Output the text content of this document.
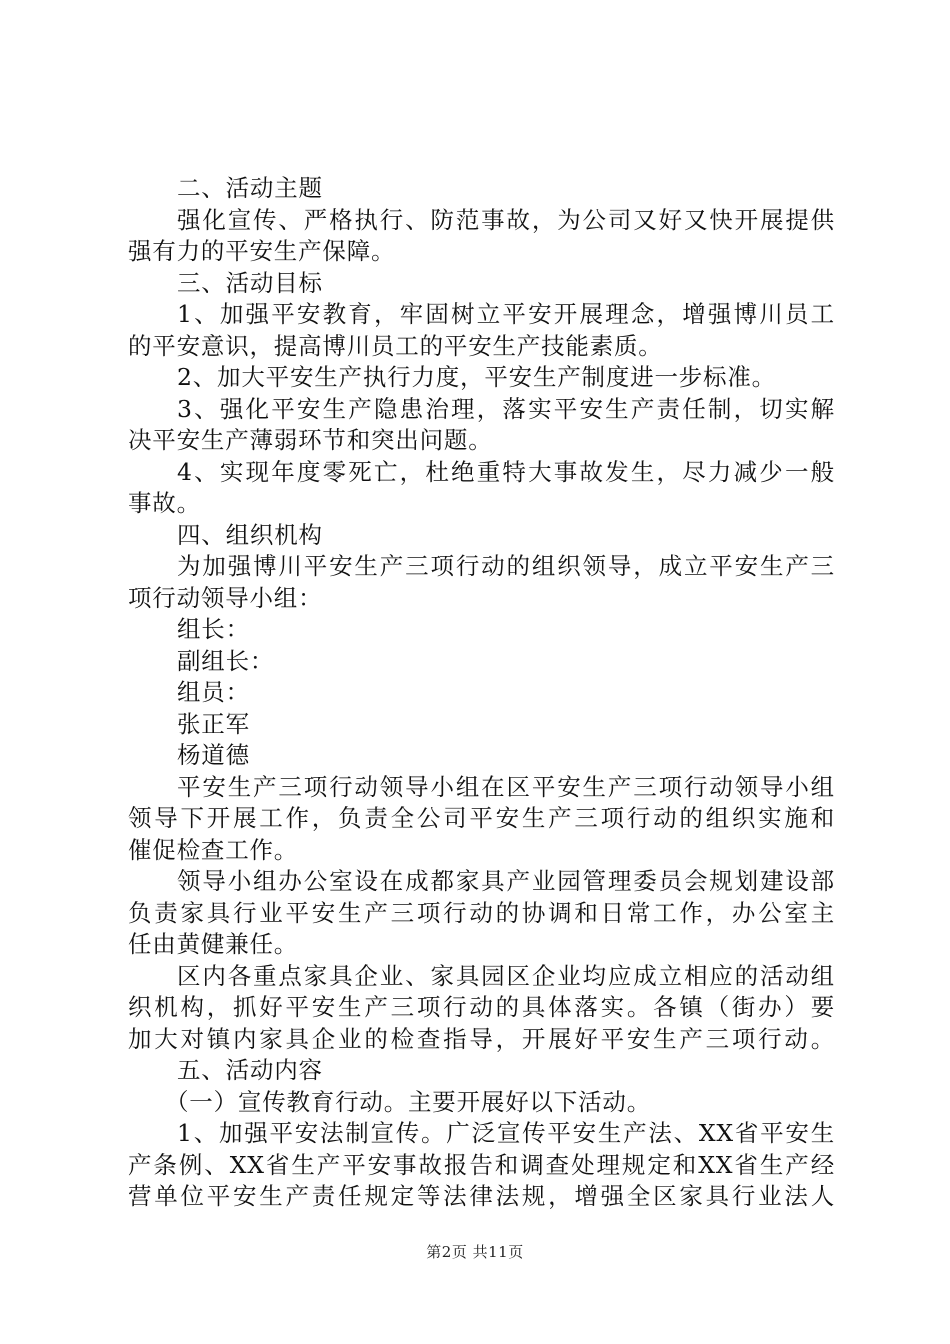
二、活动主题
强化宣传、严格执行、防范事故，为公司又好又快开展提供
强有力的平安生产保障。
三、活动目标
1、加强平安教育，牢固树立平安开展理念，增强博川员工
的平安意识，提高博川员工的平安生产技能素质。
2、加大平安生产执行力度，平安生产制度进一步标准。
3、强化平安生产隐患治理，落实平安生产责任制，切实解
决平安生产薄弱环节和突出问题。
4、实现年度零死亡，杜绝重特大事故发生，尽力减少一般
事故。
四、组织机构
为加强博川平安生产三项行动的组织领导，成立平安生产三
项行动领导小组：
组长：
副组长：
组员：
张正军
杨道德
平安生产三项行动领导小组在区平安生产三项行动领导小组
领导下开展工作，负责全公司平安生产三项行动的组织实施和
催促检查工作。
领导小组办公室设在成都家具产业园管理委员会规划建设部
负责家具行业平安生产三项行动的协调和日常工作，办公室主
任由黄健兼任。
区内各重点家具企业、家具园区企业均应成立相应的活动组
织机构，抓好平安生产三项行动的具体落实。各镇（街办）要
加大对镇内家具企业的检查指导，开展好平安生产三项行动。
五、活动内容
（一）宣传教育行动。主要开展好以下活动。
1、加强平安法制宣传。广泛宣传平安生产法、XX省平安生
产条例、XX省生产平安事故报告和调查处理规定和XX省生产经
营单位平安生产责任规定等法律法规，增强全区家具行业法人
第2页 共11页
